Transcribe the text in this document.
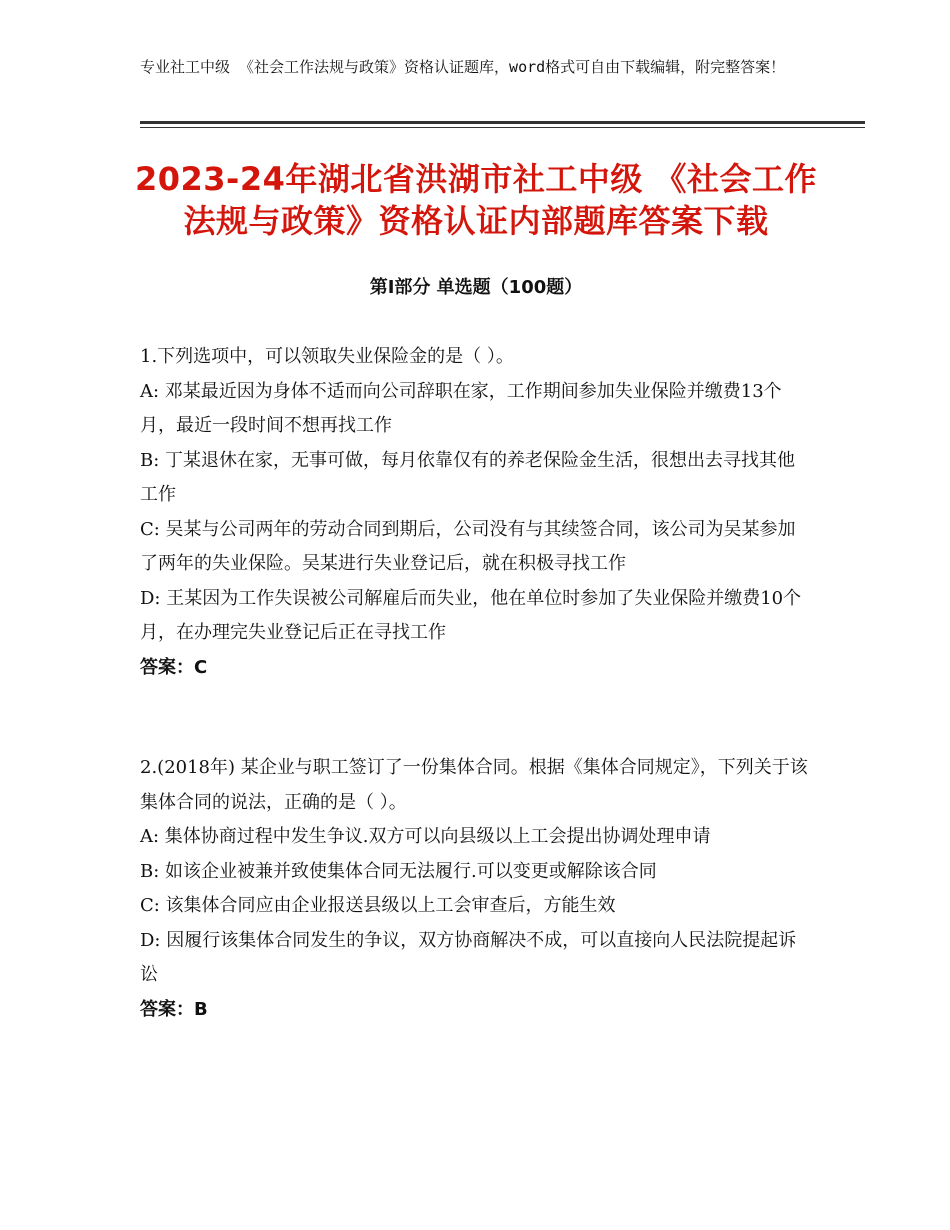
专业社工中级 《社会工作法规与政策》资格认证题库，word格式可自由下载编辑，附完整答案！
2023-24年湖北省洪湖市社工中级 《社会工作法规与政策》资格认证内部题库答案下载
第Ⅰ部分 单选题（100题）

1.下列选项中，可以领取失业保险金的是（ ）。

A: 邓某最近因为身体不适而向公司辞职在家，工作期间参加失业保险并缴费13个月，最近一段时间不想再找工作

B: 丁某退休在家，无事可做，每月依靠仅有的养老保险金生活，很想出去寻找其他工作

C: 吴某与公司两年的劳动合同到期后，公司没有与其续签合同，该公司为吴某参加了两年的失业保险。吴某进行失业登记后，就在积极寻找工作

D: 王某因为工作失误被公司解雇后而失业，他在单位时参加了失业保险并缴费10个月，在办理完失业登记后正在寻找工作

答案：C

2.(2018年) 某企业与职工签订了一份集体合同。根据《集体合同规定》，下列关于该集体合同的说法，正确的是（ ）。

A: 集体协商过程中发生争议.双方可以向县级以上工会提出协调处理申请

B: 如该企业被兼并致使集体合同无法履行.可以变更或解除该合同

C: 该集体合同应由企业报送县级以上工会审查后，方能生效

D: 因履行该集体合同发生的争议，双方协商解决不成，可以直接向人民法院提起诉讼

答案：B
